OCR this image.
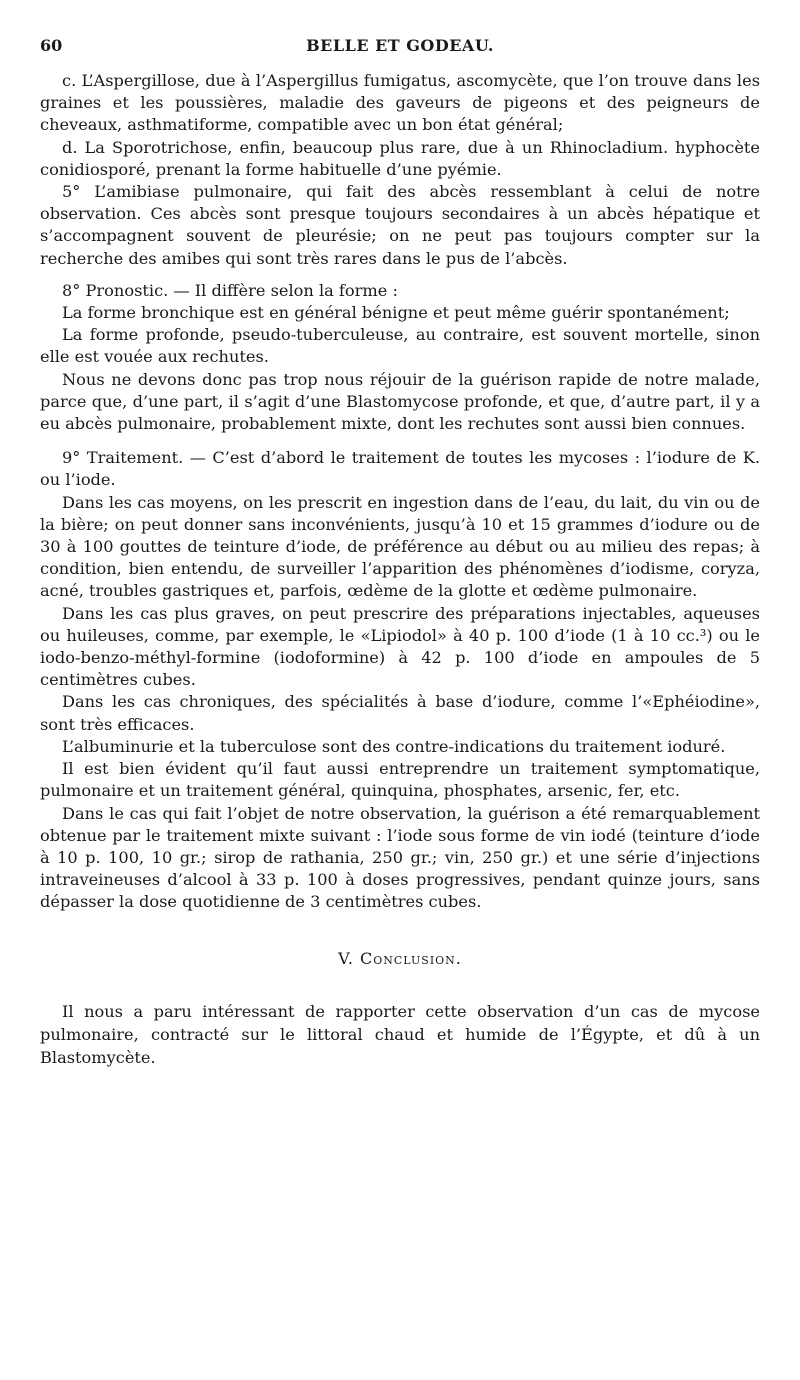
60	BELLE ET GODEAU.

c. L’Aspergillose, due à l’Aspergillus fumigatus, ascomycète, que l’on trouve dans les graines et les poussières, maladie des gaveurs de pigeons et des peigneurs de cheveaux, asthmatiforme, compatible avec un bon état général;

d. La Sporotrichose, enfin, beaucoup plus rare, due à un Rhinocladium. hyphocète conidiosporé, prenant la forme habituelle d’une pyémie.

5° L’amibiase pulmonaire, qui fait des abcès ressemblant à celui de notre observation. Ces abcès sont presque toujours secondaires à un abcès hépatique et s’accompagnent souvent de pleurésie; on ne peut pas toujours compter sur la recherche des amibes qui sont très rares dans le pus de l’abcès.

8° Pronostic. — Il diffère selon la forme :

La forme bronchique est en général bénigne et peut même guérir spontanément;

La forme profonde, pseudo-tuberculeuse, au contraire, est souvent mortelle, sinon elle est vouée aux rechutes.

Nous ne devons donc pas trop nous réjouir de la guérison rapide de notre malade, parce que, d’une part, il s’agit d’une Blastomycose profonde, et que, d’autre part, il y a eu abcès pulmonaire, probablement mixte, dont les rechutes sont aussi bien connues.

9° Traitement. — C’est d’abord le traitement de toutes les mycoses : l’iodure de K. ou l’iode.

Dans les cas moyens, on les prescrit en ingestion dans de l’eau, du lait, du vin ou de la bière; on peut donner sans inconvénients, jusqu’à 10 et 15 grammes d’iodure ou de 30 à 100 gouttes de teinture d’iode, de préférence au début ou au milieu des repas; à condition, bien entendu, de surveiller l’apparition des phénomènes d’iodisme, coryza, acné, troubles gastriques et, parfois, œdème de la glotte et œdème pulmonaire.

Dans les cas plus graves, on peut prescrire des préparations injectables, aqueuses ou huileuses, comme, par exemple, le «Lipiodol» à 40 p. 100 d’iode (1 à 10 cc.³) ou le iodo-benzo-méthyl-formine (iodoformine) à 42 p. 100 d’iode en ampoules de 5 centimètres cubes.

Dans les cas chroniques, des spécialités à base d’iodure, comme l’«Ephéiodine», sont très efficaces.

L’albuminurie et la tuberculose sont des contre-indications du traitement ioduré.

Il est bien évident qu’il faut aussi entreprendre un traitement symptomatique, pulmonaire et un traitement général, quinquina, phosphates, arsenic, fer, etc.

Dans le cas qui fait l’objet de notre observation, la guérison a été remarquablement obtenue par le traitement mixte suivant : l’iode sous forme de vin iodé (teinture d’iode à 10 p. 100, 10 gr.; sirop de rathania, 250 gr.; vin, 250 gr.) et une série d’injections intraveineuses d’alcool à 33 p. 100 à doses progressives, pendant quinze jours, sans dépasser la dose quotidienne de 3 centimètres cubes.

V. Conclusion.

Il nous a paru intéressant de rapporter cette observation d’un cas de mycose pulmonaire, contracté sur le littoral chaud et humide de l’Égypte, et dû à un Blastomycète.
